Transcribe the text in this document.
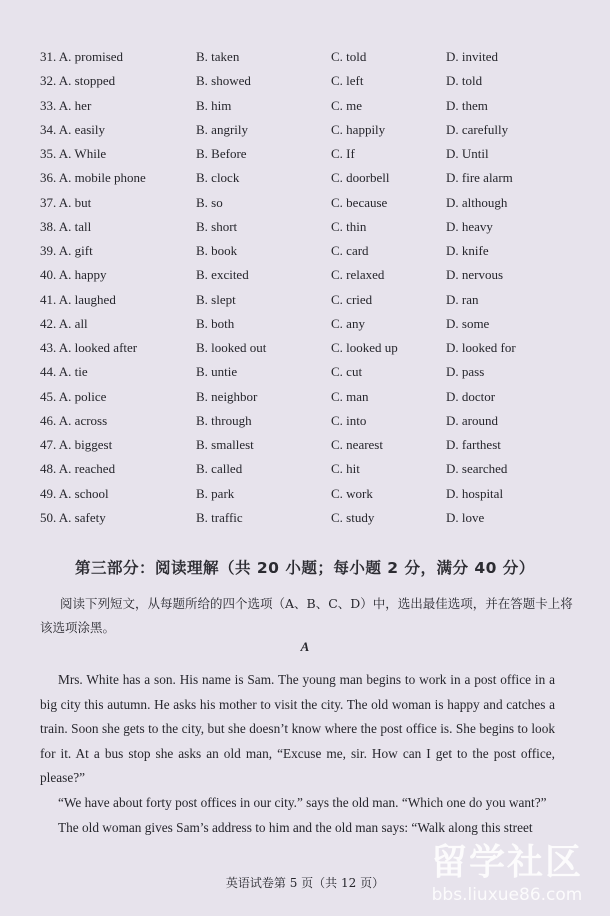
31. A. promised	B. taken	C. told	D. invited
32. A. stopped	B. showed	C. left	D. told
33. A. her	B. him	C. me	D. them
34. A. easily	B. angrily	C. happily	D. carefully
35. A. While	B. Before	C. If	D. Until
36. A. mobile phone	B. clock	C. doorbell	D. fire alarm
37. A. but	B. so	C. because	D. although
38. A. tall	B. short	C. thin	D. heavy
39. A. gift	B. book	C. card	D. knife
40. A. happy	B. excited	C. relaxed	D. nervous
41. A. laughed	B. slept	C. cried	D. ran
42. A. all	B. both	C. any	D. some
43. A. looked after	B. looked out	C. looked up	D. looked for
44. A. tie	B. untie	C. cut	D. pass
45. A. police	B. neighbor	C. man	D. doctor
46. A. across	B. through	C. into	D. around
47. A. biggest	B. smallest	C. nearest	D. farthest
48. A. reached	B. called	C. hit	D. searched
49. A. school	B. park	C. work	D. hospital
50. A. safety	B. traffic	C. study	D. love
第三部分：阅读理解（共 20 小题；每小题 2 分，满分 40 分）
阅读下列短文，从每题所给的四个选项（A、B、C、D）中，选出最佳选项，并在答题卡上将该选项涂黑。
A

Mrs. White has a son. His name is Sam. The young man begins to work in a post office in a big city this autumn. He asks his mother to visit the city. The old woman is happy and catches a train. Soon she gets to the city, but she doesn’t know where the post office is. She begins to look for it. At a bus stop she asks an old man, “Excuse me, sir. How can I get to the post office, please?”

“We have about forty post offices in our city.” says the old man. “Which one do you want?”

The old woman gives Sam’s address to him and the old man says: “Walk along this street

英语试卷第 5 页（共 12 页）	留学社区
bbs.liuxue86.com
